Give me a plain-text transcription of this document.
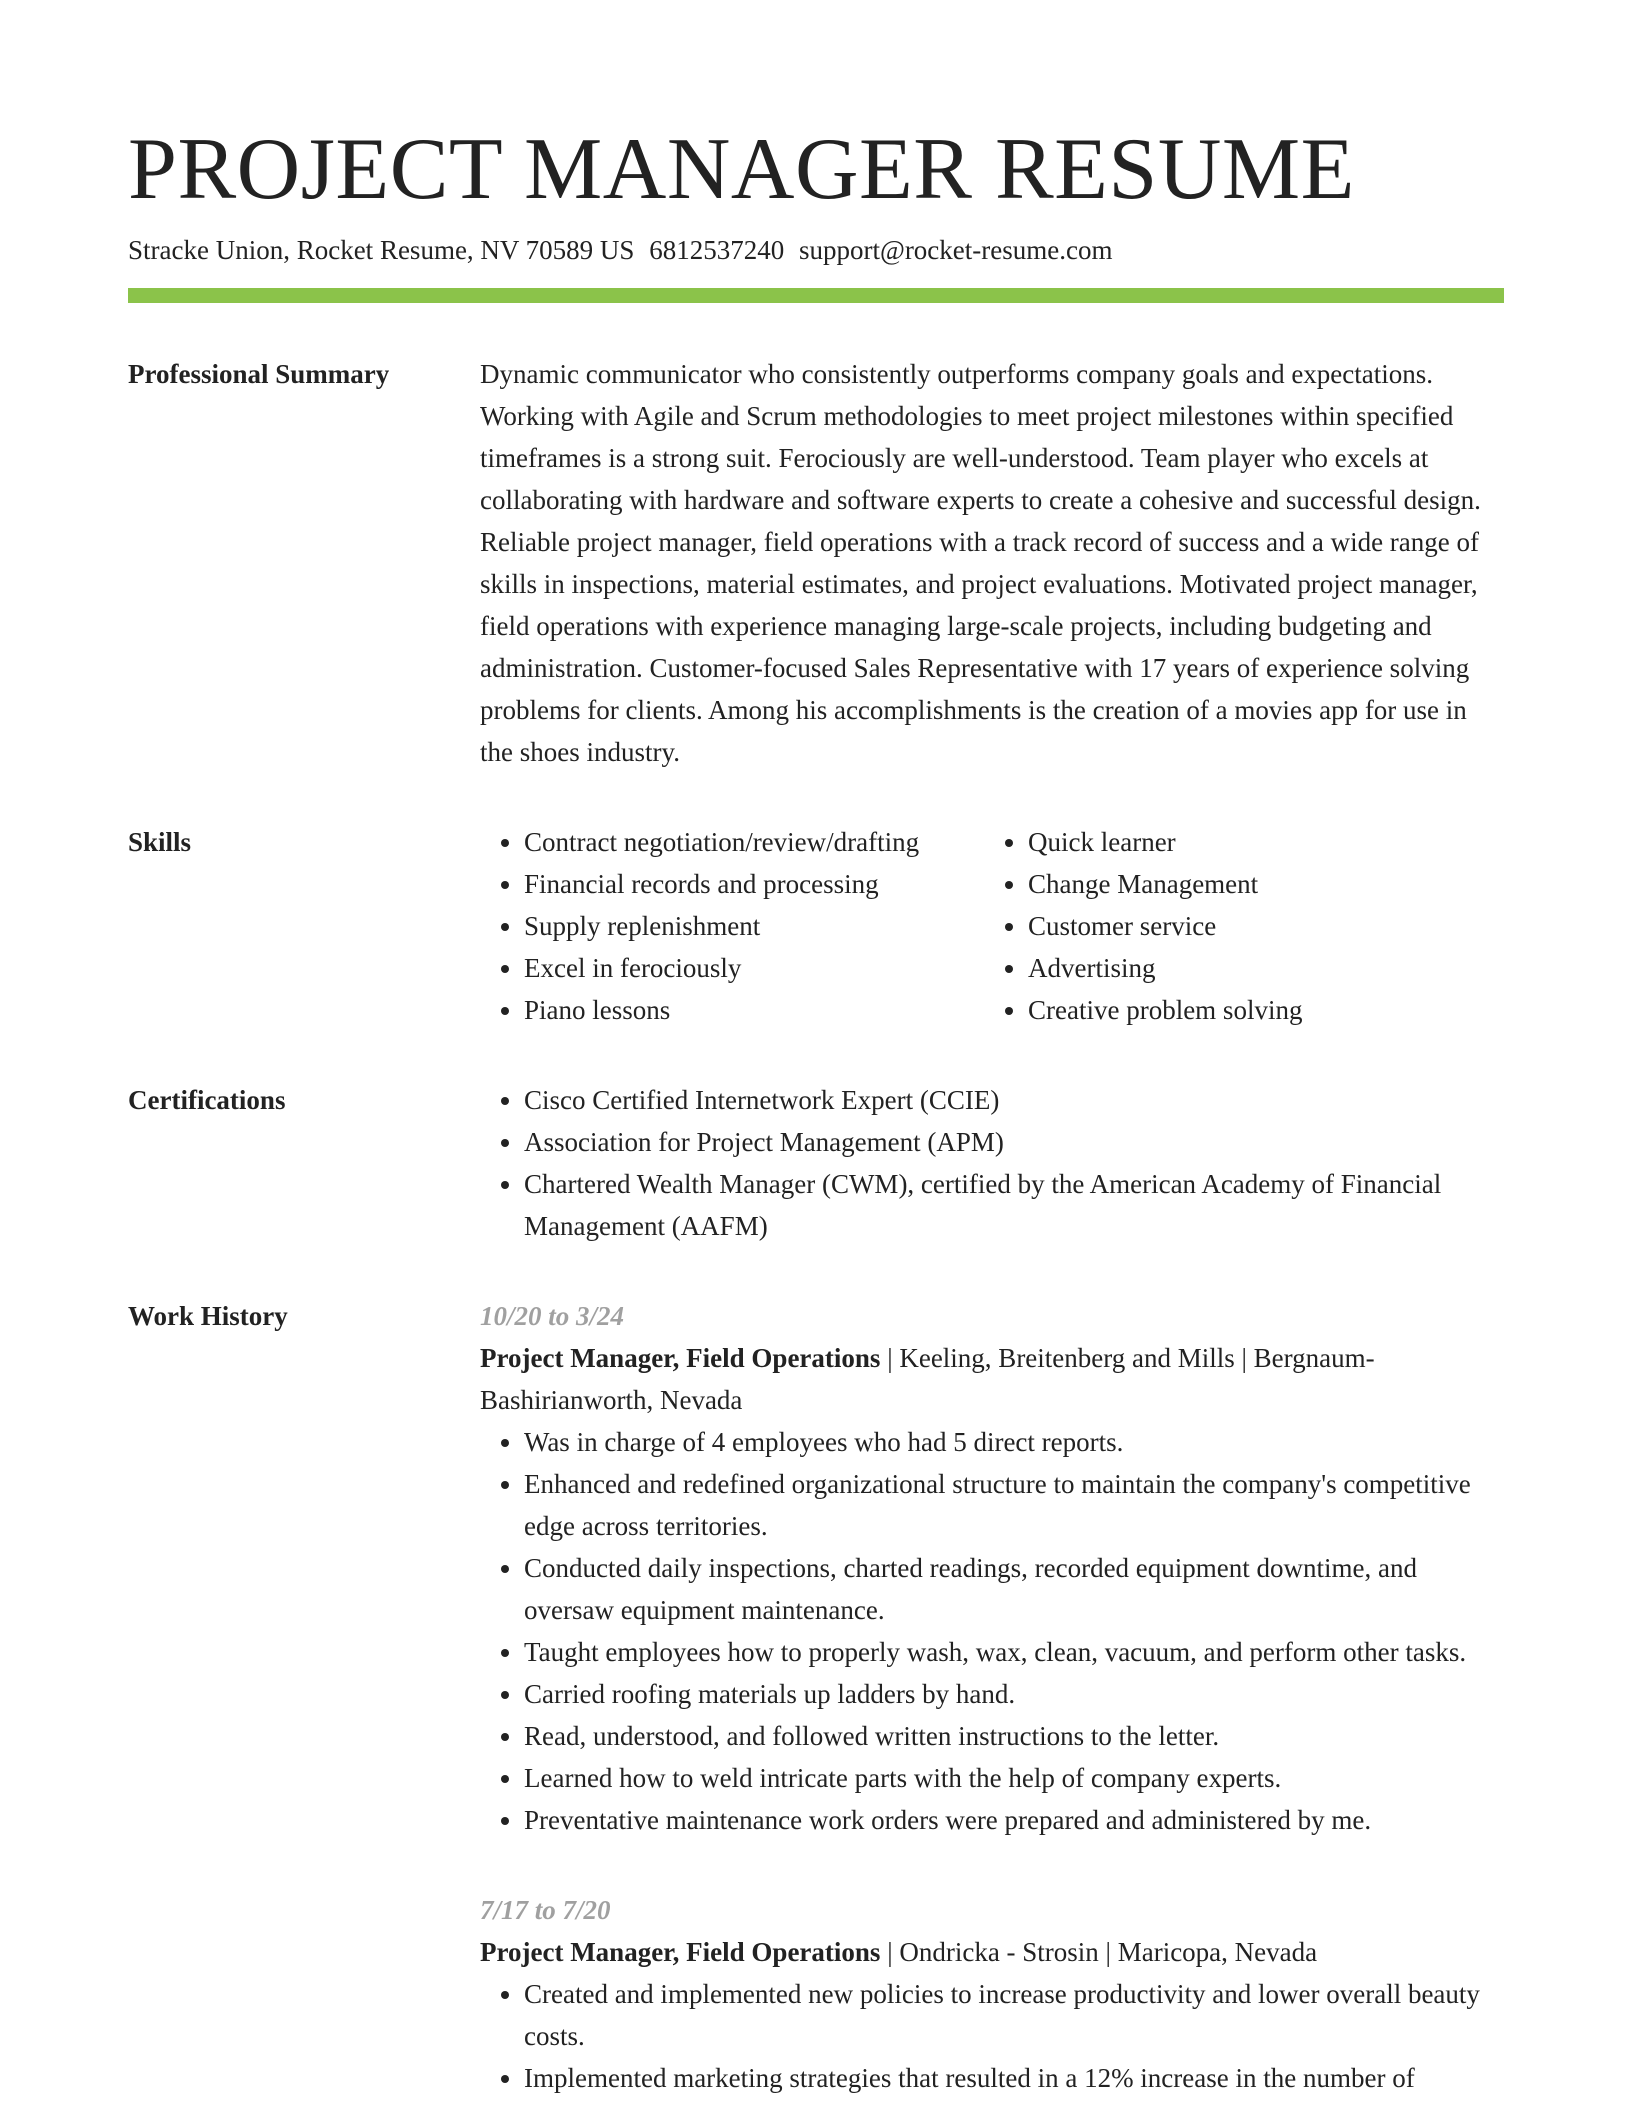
PROJECT MANAGER RESUME
Stracke Union, Rocket Resume, NV 70589 US 6812537240 support@rocket-resume.com
Professional Summary	Dynamic communicator who consistently outperforms company goals and expectations. Working with Agile and Scrum methodologies to meet project milestones within specified timeframes is a strong suit. Ferociously are well-understood. Team player who excels at collaborating with hardware and software experts to create a cohesive and successful design. Reliable project manager, field operations with a track record of success and a wide range of skills in inspections, material estimates, and project evaluations. Motivated project manager, field operations with experience managing large-scale projects, including budgeting and administration. Customer-focused Sales Representative with 17 years of experience solving problems for clients. Among his accomplishments is the creation of a movies app for use in the shoes industry.

Skills	• Contract negotiation/review/drafting
• Financial records and processing
• Supply replenishment
• Excel in ferociously
• Piano lessons
• Quick learner
• Change Management
• Customer service
• Advertising
• Creative problem solving
Certifications	• Cisco Certified Internetwork Expert (CCIE)
• Association for Project Management (APM)
• Chartered Wealth Manager (CWM), certified by the American Academy of Financial Management (AAFM)
Work History	10/20 to 3/24

Project Manager, Field Operations | Keeling, Breitenberg and Mills | Bergnaum-Bashirianworth, Nevada

• Was in charge of 4 employees who had 5 direct reports.
• Enhanced and redefined organizational structure to maintain the company's competitive edge across territories.
• Conducted daily inspections, charted readings, recorded equipment downtime, and oversaw equipment maintenance.
• Taught employees how to properly wash, wax, clean, vacuum, and perform other tasks.
• Carried roofing materials up ladders by hand.
• Read, understood, and followed written instructions to the letter.
• Learned how to weld intricate parts with the help of company experts.
• Preventative maintenance work orders were prepared and administered by me.
7/17 to 7/20

Project Manager, Field Operations | Ondricka - Strosin | Maricopa, Nevada

• Created and implemented new policies to increase productivity and lower overall beauty costs.
• Implemented marketing strategies that resulted in a 12% increase in the number of
